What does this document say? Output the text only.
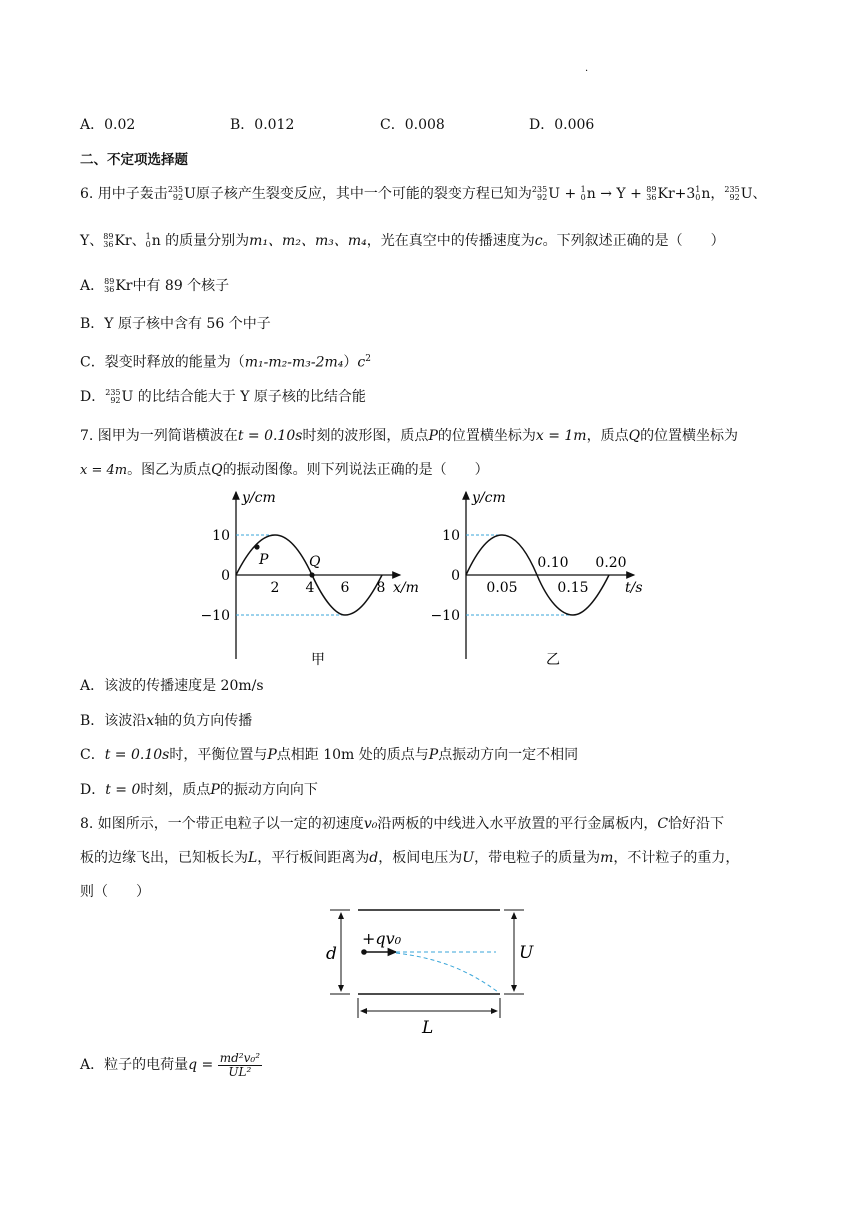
·
A．0.02	B．0.012	C．0.008	D．0.006
二、不定项选择题
6. 用中子轰击 235
92 U原子核产生裂变反应，其中一个可能的裂变方程已知为 235
92 U + 1
0 n → Y + 89
36 Kr+3 1
0 n， 235
92 U、
Y、 89
36 Kr、 1
0 n 的质量分别为m₁、m₂、m₃、m₄，光在真空中的传播速度为c。下列叙述正确的是（　　）
A． 89
36 Kr中有 89 个核子
B．Y 原子核中含有 56 个中子
C．裂变时释放的能量为$(m_1-m_2-m_3-2m_4)c^2$
D． 235
92 U 的比结合能大于 Y 原子核的比结合能
7. 图甲为一列简谐横波在t = 0.10s时刻的波形图，质点P的位置横坐标为x = 1m，质点Q的位置横坐标为
x = 4m。图乙为质点Q的振动图像。则下列说法正确的是（　　）
y/cm
10
0
−10
2 4 6 8 x/m
P	Q
甲
y/cm
10
0
−10
0.05	0.15
0.10 0.20
t/s
乙
A．该波的传播速度是 20m/s
B．该波沿x轴的负方向传播
C．t = 0.10s时，平衡位置与P点相距 10m 处的质点与P点振动方向一定不相同
D．t = 0时刻，质点P的振动方向向下
8. 如图所示，一个带正电粒子以一定的初速度v₀沿两板的中线进入水平放置的平行金属板内，C恰好沿下
板的边缘飞出，已知板长为L，平行板间距离为d，板间电压为U，带电粒子的质量为m，不计粒子的重力，
则（　　）
d	U
L
+qv₀
A．粒子的电荷量$q = \frac{\text{md²v₀²}}{\text{UL²}}$
